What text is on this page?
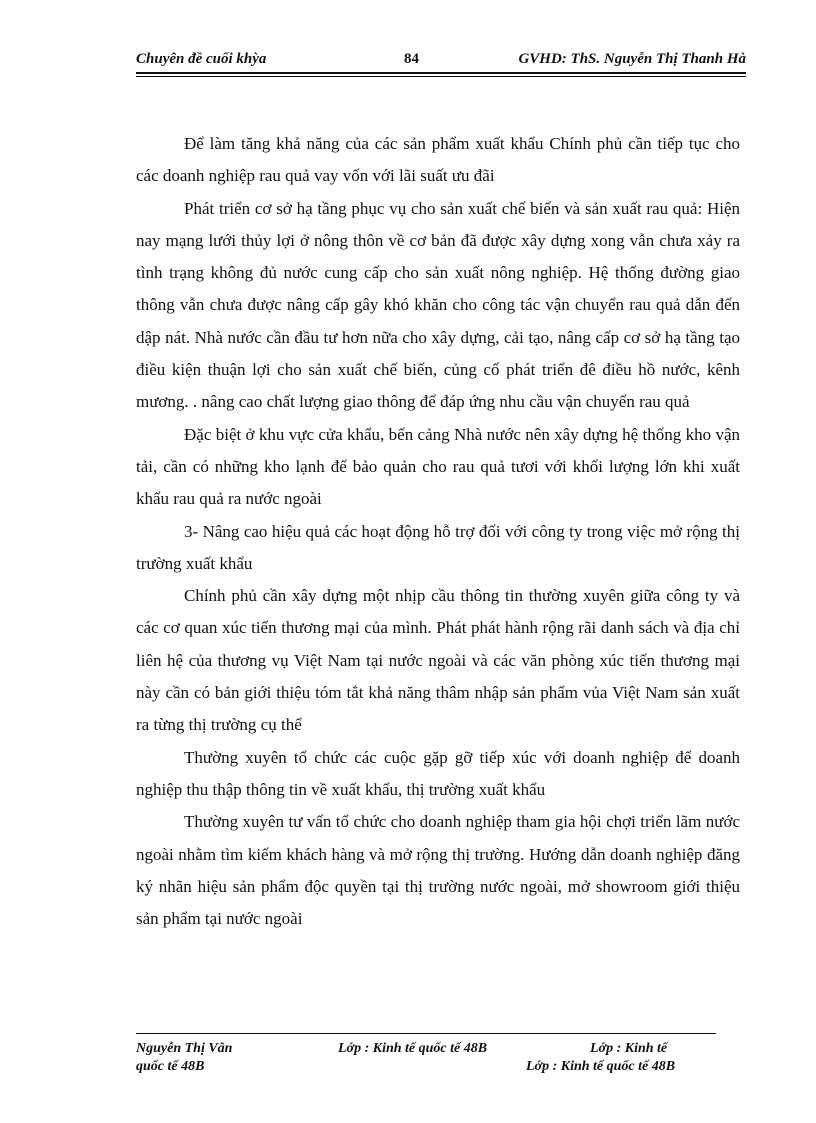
Chuyên đề cuối khỳa	84	GVHD: ThS. Nguyễn Thị Thanh Hà

Để làm tăng khả năng của các sản phẩm xuất khẩu Chính phủ cần tiếp tục cho các doanh nghiệp rau quả vay vốn với lãi suất ưu đãi

Phát triển cơ sở hạ tầng phục vụ cho sản xuất chế biến và sản xuất rau quả: Hiện nay mạng lưới thủy lợi ở nông thôn về cơ bản đã được xây dựng xong vẫn chưa xảy ra tình trạng không đủ nước cung cấp cho sản xuất nông nghiệp. Hệ thống đường giao thông vẫn chưa được nâng cấp gây khó khăn cho công tác vận chuyển rau quả dẫn đến dập nát. Nhà nước cần đầu tư hơn nữa cho xây dựng, cải tạo, nâng cấp cơ sở hạ tầng tạo điều kiện thuận lợi cho sản xuất chế biến, củng cố phát triển đê điều hồ nước, kênh mương. . nâng cao chất lượng giao thông để đáp ứng nhu cầu vận chuyển rau quả

Đặc biệt ở khu vực cửa khẩu, bến cảng Nhà nước nên xây dựng hệ thống kho vận tải, cần có những kho lạnh để bảo quản cho rau quả tươi với khối lượng lớn khi xuất khẩu rau quả ra nước ngoài

3- Nâng cao hiệu quả các hoạt động hỗ trợ đối với công ty trong việc mở rộng thị trường xuất khẩu

Chính phủ cần xây dựng một nhịp cầu thông tin thường xuyên giữa công ty và các cơ quan xúc tiến thương mại của mình. Phát phát hành rộng rãi danh sách và địa chỉ liên hệ của thương vụ Việt Nam tại nước ngoài và các văn phòng xúc tiến thương mại này cần có bản giới thiệu tóm tắt khả năng thâm nhập sản phẩm vủa Việt Nam sản xuất ra từng thị trường cụ thể

Thường xuyên tổ chức các cuộc gặp gỡ tiếp xúc với doanh nghiệp để doanh nghiệp thu thập thông tin về xuất khẩu, thị trường xuất khẩu

Thường xuyên tư vấn tổ chức cho doanh nghiệp tham gia hội chợi triển lãm nước ngoài nhằm tìm kiếm khách hàng và mở rộng thị trường. Hướng dẫn doanh nghiệp đăng ký nhãn hiệu sản phẩm độc quyền tại thị trường nước ngoài, mở showroom giới thiệu sản phẩm tại nước ngoài

Nguyễn Thị Vân	Lớp : Kinh tế quốc tế 48B	Lớp : Kinh tế
quốc tế 48B	Lớp : Kinh tế quốc tế 48B
